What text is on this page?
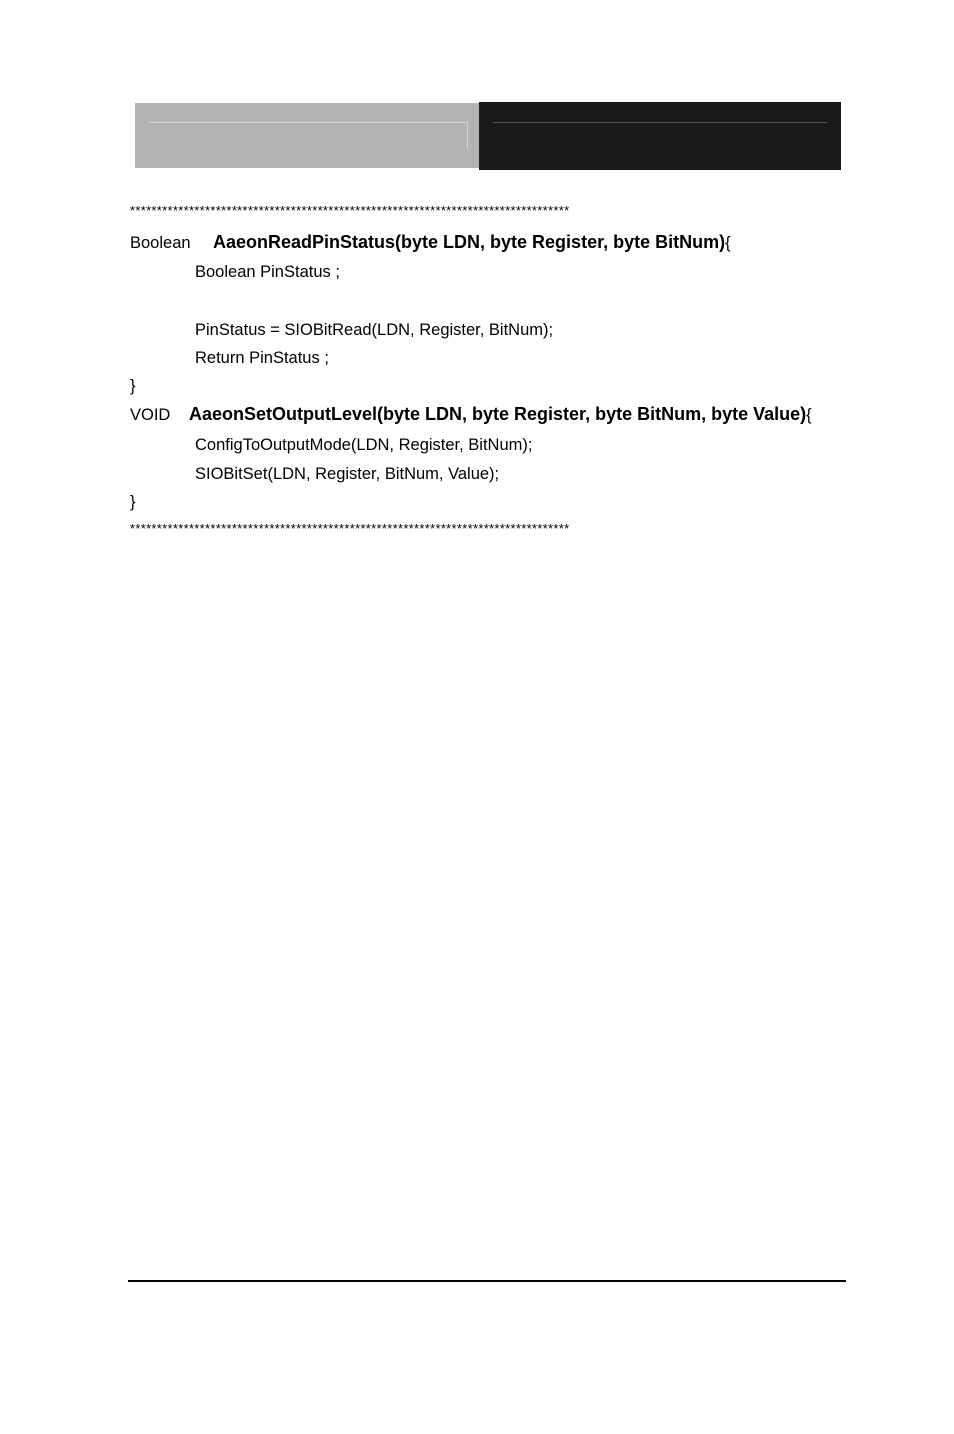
**********************************************************************************
Boolean AaeonReadPinStatus(byte LDN, byte Register, byte BitNum){
Boolean PinStatus ;
PinStatus = SIOBitRead(LDN, Register, BitNum);
Return PinStatus ;
}
VOID AaeonSetOutputLevel(byte LDN, byte Register, byte BitNum, byte Value){
ConfigToOutputMode(LDN, Register, BitNum);
SIOBitSet(LDN, Register, BitNum, Value);
}
**********************************************************************************
